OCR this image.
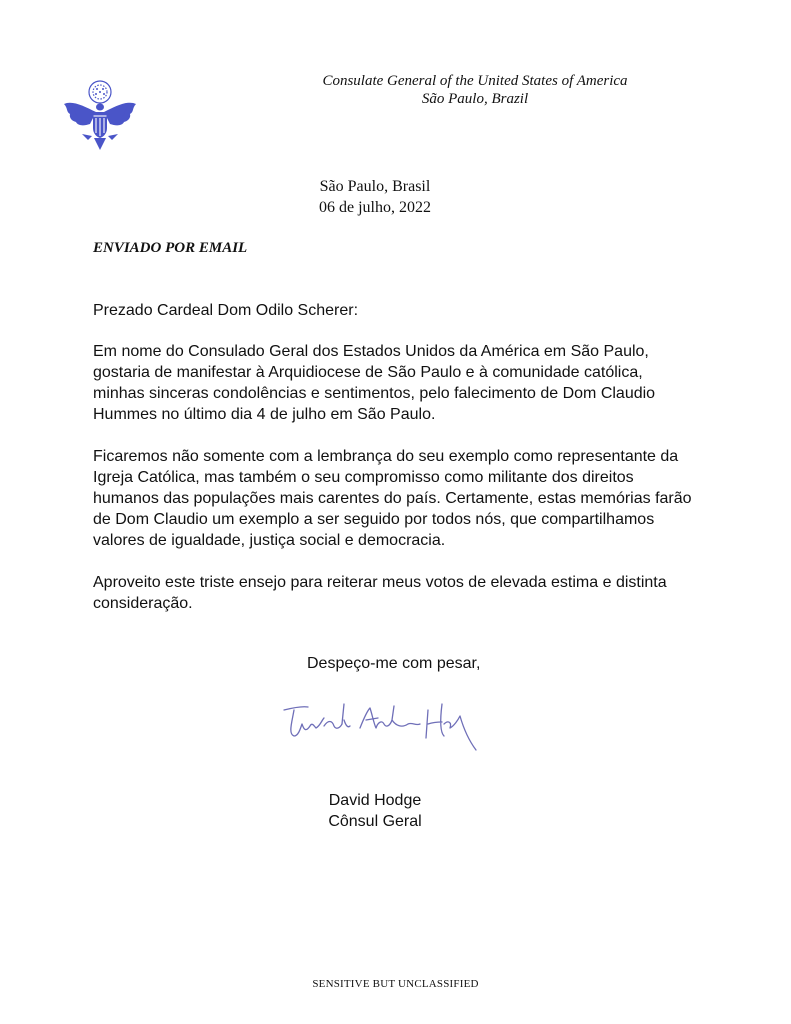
Consulate General of the United States of America
São Paulo, Brazil
São Paulo, Brasil
06 de julho, 2022
ENVIADO POR EMAIL
Prezado Cardeal Dom Odilo Scherer:
Em nome do Consulado Geral dos Estados Unidos da América em São Paulo,
gostaria de manifestar à Arquidiocese de São Paulo e à comunidade católica,
minhas sinceras condolências e sentimentos, pelo falecimento de Dom Claudio
Hummes no último dia 4 de julho em São Paulo.
Ficaremos não somente com a lembrança do seu exemplo como representante da
Igreja Católica, mas também o seu compromisso como militante dos direitos
humanos das populações mais carentes do país. Certamente, estas memórias farão
de Dom Claudio um exemplo a ser seguido por todos nós, que compartilhamos
valores de igualdade, justiça social e democracia.
Aproveito este triste ensejo para reiterar meus votos de elevada estima e distinta
consideração.
Despeço-me com pesar,
David Hodge
Cônsul Geral
SENSITIVE BUT UNCLASSIFIED
